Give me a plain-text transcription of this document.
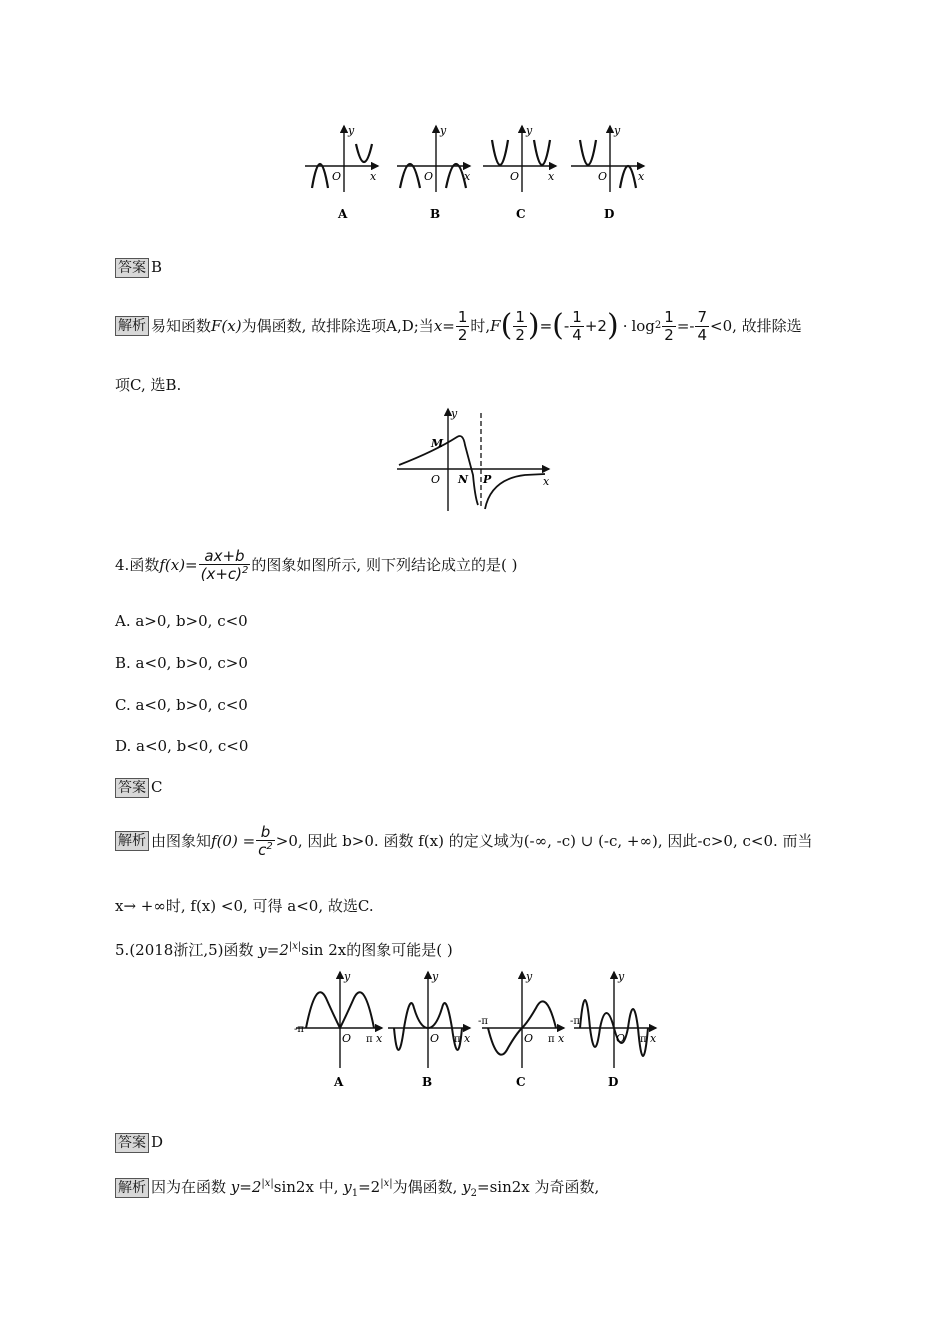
y
x
O
A
y
x
O
B
y
x
O
C
y
x
O
D
答案 B
解析 易知函数 F(x) 为偶函数, 故排除选项A,D;当 $x= \frac{1}{2}$ 时, F ( $\frac{1}{2}$ ) = ( - $\frac{1}{4} +2$ ) · $\log 2 \frac{1}{2} =- \frac{7}{4} <0$, 故排除选
项C, 选B.
y
x
M
O N P
4. 函数 $f(x) = \frac{ax+b}{(x+c)^2}$ 的图象如图所示, 则下列结论成立的是( )
A. a>0, b>0, c<0
B. a<0, b>0, c>0
C. a<0, b>0, c<0
D. a<0, b<0, c<0
答案 C
解析 由图象知 $f(0) = \frac{b}{c^2} >0$, 因此 b>0. 函数 f(x) 的定义域为(-∞, -c) ∪ (-c, +∞), 因此-c>0, c<0. 而当
x→ +∞时, f(x) <0, 可得 a<0, 故选C.
5.(2018浙江,5)函数 $y=2^{|x|}\sin$ 2x的图象可能是( )
y
-π
π x
O
A
y
π x
O
B
y
-π
π x
O
C
y
-π
π x
O
D
答案 D
解析 因为在函数 $y=2^{|x|}\sin 2x$ 中, $y_1=2^{|x|}$为偶函数, $y_2=\sin 2x$ 为奇函数,
